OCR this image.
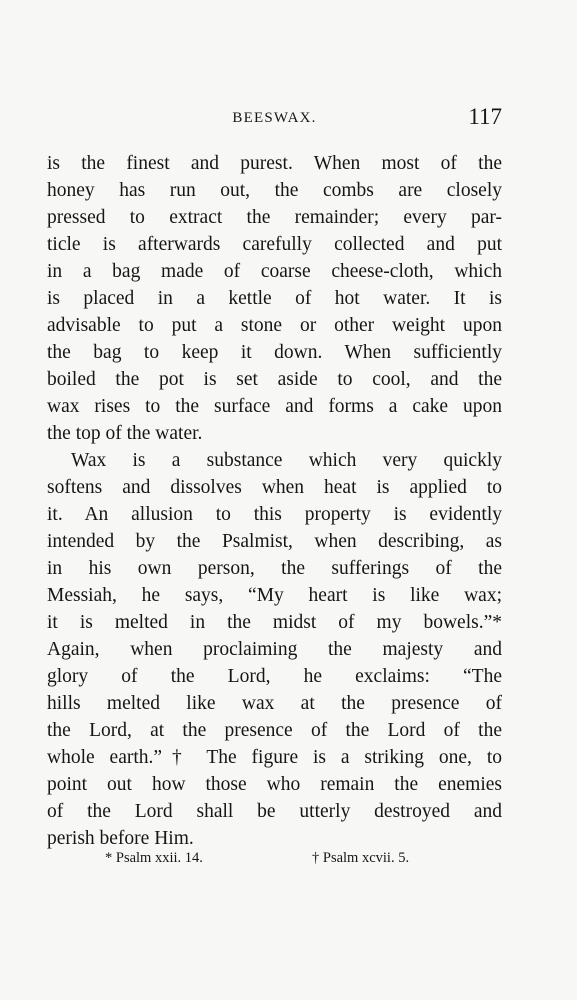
BEESWAX.	117
is the finest and purest. When most of the
honey has run out, the combs are closely
pressed to extract the remainder; every par-
ticle is afterwards carefully collected and put
in a bag made of coarse cheese-cloth, which
is placed in a kettle of hot water. It is
advisable to put a stone or other weight upon
the bag to keep it down. When sufficiently
boiled the pot is set aside to cool, and the
wax rises to the surface and forms a cake upon
the top of the water.
Wax is a substance which very quickly
softens and dissolves when heat is applied to
it. An allusion to this property is evidently
intended by the Psalmist, when describing, as
in his own person, the sufferings of the
Messiah, he says, “My heart is like wax;
it is melted in the midst of my bowels.”*
Again, when proclaiming the majesty and
glory of the Lord, he exclaims: “The
hills melted like wax at the presence of
the Lord, at the presence of the Lord of the
whole earth.”† The figure is a striking one, to
point out how those who remain the enemies
of the Lord shall be utterly destroyed and
perish before Him.
* Psalm xxii. 14.	† Psalm xcvii. 5.
